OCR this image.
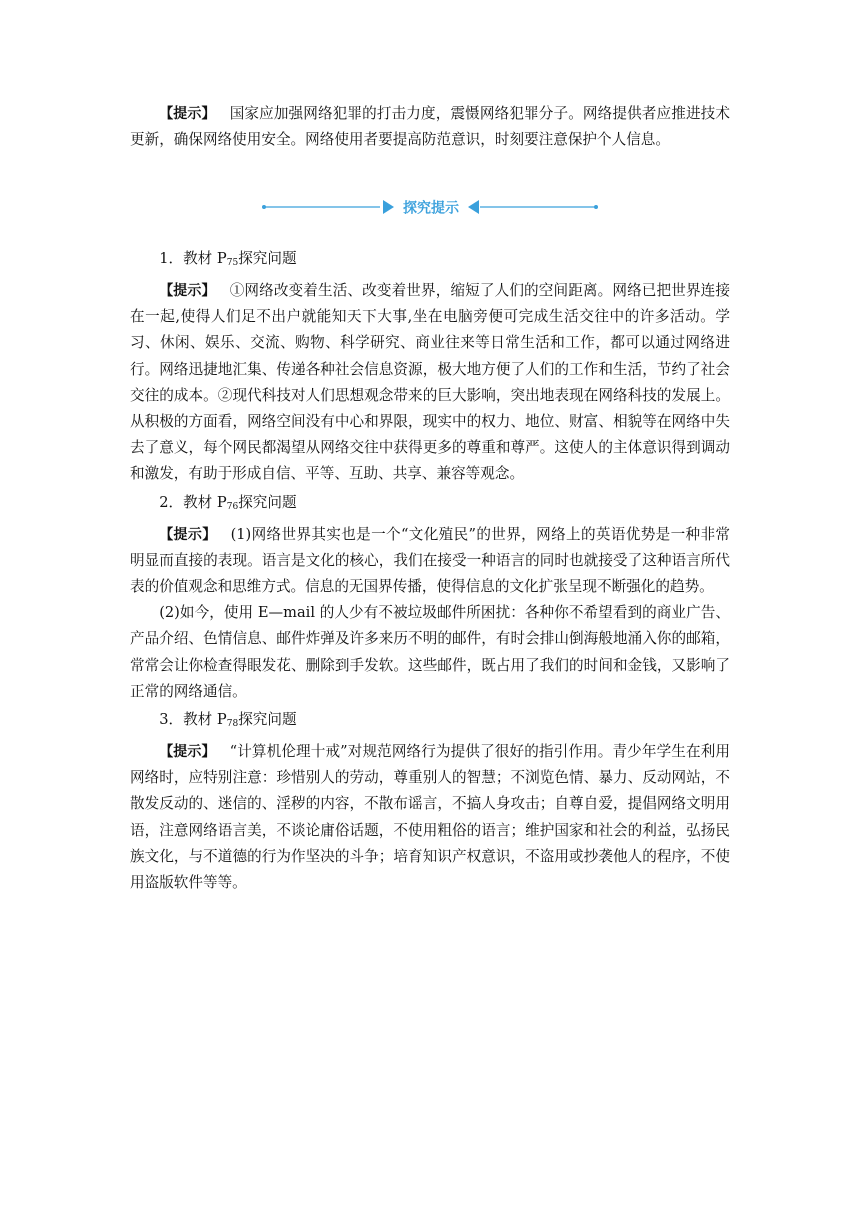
【提示】 国家应加强网络犯罪的打击力度，震慑网络犯罪分子。网络提供者应推进技术更新，确保网络使用安全。网络使用者要提高防范意识，时刻要注意保护个人信息。

探究提示

1．教材 $P_{75}$探究问题

【提示】 ①网络改变着生活、改变着世界，缩短了人们的空间距离。网络已把世界连接在一起,使得人们足不出户就能知天下大事,坐在电脑旁便可完成生活交往中的许多活动。学习、休闲、娱乐、交流、购物、科学研究、商业往来等日常生活和工作，都可以通过网络进行。网络迅捷地汇集、传递各种社会信息资源，极大地方便了人们的工作和生活，节约了社会交往的成本。②现代科技对人们思想观念带来的巨大影响，突出地表现在网络科技的发展上。从积极的方面看，网络空间没有中心和界限，现实中的权力、地位、财富、相貌等在网络中失去了意义，每个网民都渴望从网络交往中获得更多的尊重和尊严。这使人的主体意识得到调动和激发，有助于形成自信、平等、互助、共享、兼容等观念。

2．教材 $P_{76}$探究问题

【提示】 (1)网络世界其实也是一个“文化殖民”的世界，网络上的英语优势是一种非常明显而直接的表现。语言是文化的核心，我们在接受一种语言的同时也就接受了这种语言所代表的价值观念和思维方式。信息的无国界传播，使得信息的文化扩张呈现不断强化的趋势。

(2)如今，使用 E—mail 的人少有不被垃圾邮件所困扰：各种你不希望看到的商业广告、产品介绍、色情信息、邮件炸弹及许多来历不明的邮件，有时会排山倒海般地涌入你的邮箱，常常会让你检查得眼发花、删除到手发软。这些邮件，既占用了我们的时间和金钱，又影响了正常的网络通信。

3．教材 $P_{78}$探究问题

【提示】 “计算机伦理十戒”对规范网络行为提供了很好的指引作用。青少年学生在利用网络时，应特别注意：珍惜别人的劳动，尊重别人的智慧；不浏览色情、暴力、反动网站，不散发反动的、迷信的、淫秽的内容，不散布谣言，不搞人身攻击；自尊自爱，提倡网络文明用语，注意网络语言美，不谈论庸俗话题，不使用粗俗的语言；维护国家和社会的利益，弘扬民族文化，与不道德的行为作坚决的斗争；培育知识产权意识，不盗用或抄袭他人的程序，不使用盗版软件等等。
